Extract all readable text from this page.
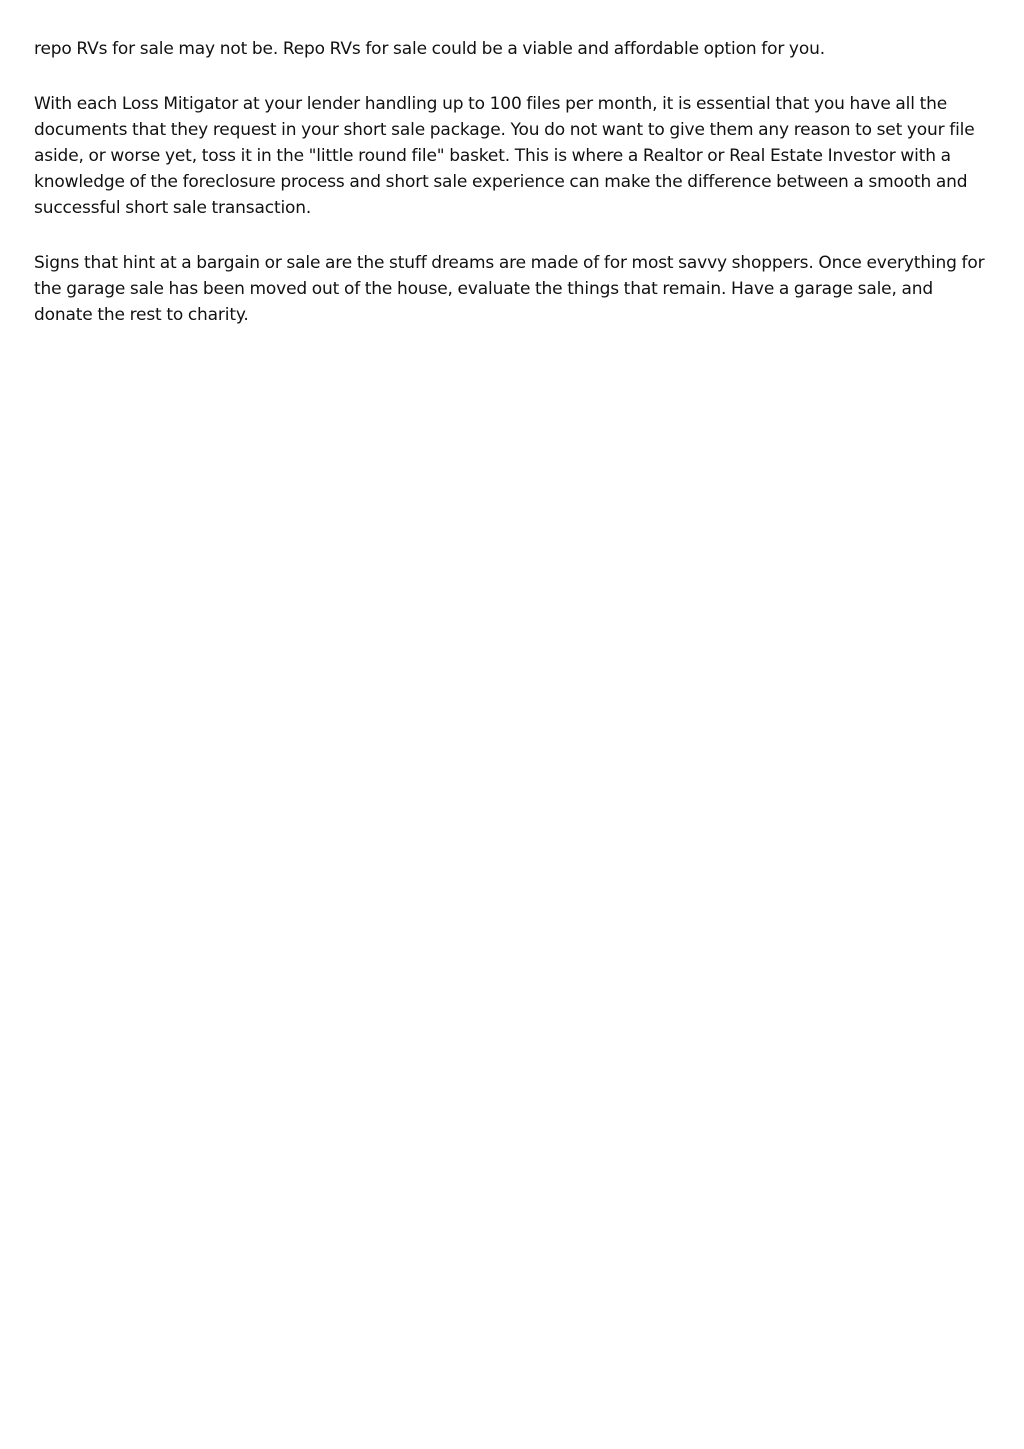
repo RVs for sale may not be. Repo RVs for sale could be a viable and affordable option for you.

With each Loss Mitigator at your lender handling up to 100 files per month, it is essential that you have all the documents that they request in your short sale package. You do not want to give them any reason to set your file aside, or worse yet, toss it in the "little round file" basket. This is where a Realtor or Real Estate Investor with a knowledge of the foreclosure process and short sale experience can make the difference between a smooth and successful short sale transaction.

Signs that hint at a bargain or sale are the stuff dreams are made of for most savvy shoppers. Once everything for the garage sale has been moved out of the house, evaluate the things that remain. Have a garage sale, and donate the rest to charity.
